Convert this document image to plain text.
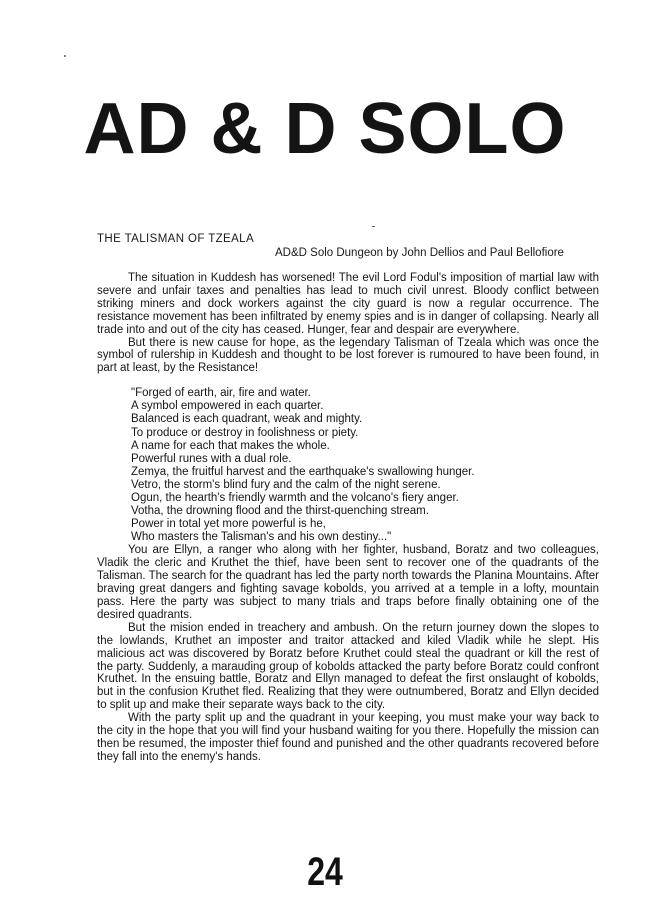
AD & D SOLO
THE TALISMAN OF TZEALA
AD&D Solo Dungeon by John Dellios and Paul Bellofiore

The situation in Kuddesh has worsened! The evil Lord Fodul's imposition of martial law with severe and unfair taxes and penalties has lead to much civil unrest. Bloody conflict between striking miners and dock workers against the city guard is now a regular occurrence. The resistance movement has been infiltrated by enemy spies and is in danger of collapsing. Nearly all trade into and out of the city has ceased. Hunger, fear and despair are everywhere.

But there is new cause for hope, as the legendary Talisman of Tzeala which was once the symbol of rulership in Kuddesh and thought to be lost forever is rumoured to have been found, in part at least, by the Resistance!

"Forged of earth, air, fire and water.
A symbol empowered in each quarter.
Balanced is each quadrant, weak and mighty.
To produce or destroy in foolishness or piety.
A name for each that makes the whole.
Powerful runes with a dual role.
Zemya, the fruitful harvest and the earthquake's swallowing hunger.
Vetro, the storm's blind fury and the calm of the night serene.
Ogun, the hearth's friendly warmth and the volcano's fiery anger.
Votha, the drowning flood and the thirst-quenching stream.
Power in total yet more powerful is he,
Who masters the Talisman's and his own destiny..."

You are Ellyn, a ranger who along with her fighter, husband, Boratz and two colleagues, Vladik the cleric and Kruthet the thief, have been sent to recover one of the quadrants of the Talisman. The search for the quadrant has led the party north towards the Planina Mountains. After braving great dangers and fighting savage kobolds, you arrived at a temple in a lofty, mountain pass. Here the party was subject to many trials and traps before finally obtaining one of the desired quadrants.

But the mision ended in treachery and ambush. On the return journey down the slopes to the lowlands, Kruthet an imposter and traitor attacked and kiled Vladik while he slept. His malicious act was discovered by Boratz before Kruthet could steal the quadrant or kill the rest of the party. Suddenly, a marauding group of kobolds attacked the party before Boratz could confront Kruthet. In the ensuing battle, Boratz and Ellyn managed to defeat the first onslaught of kobolds, but in the confusion Kruthet fled. Realizing that they were outnumbered, Boratz and Ellyn decided to split up and make their separate ways back to the city.

With the party split up and the quadrant in your keeping, you must make your way back to the city in the hope that you will find your husband waiting for you there. Hopefully the mission can then be resumed, the imposter thief found and punished and the other quadrants recovered before they fall into the enemy's hands.

24
